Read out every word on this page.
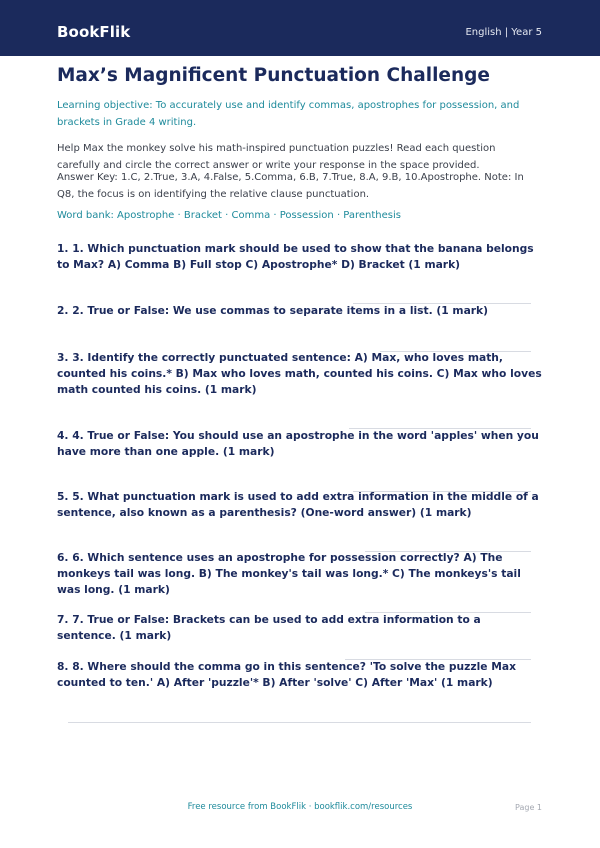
BookFlik	English | Year 5
Max’s Magnificent Punctuation Challenge

Learning objective: To accurately use and identify commas, apostrophes for possession, and brackets in Grade 4 writing.

Help Max the monkey solve his math-inspired punctuation puzzles! Read each question carefully and circle the correct answer or write your response in the space provided.

Answer Key: 1.C, 2.True, 3.A, 4.False, 5.Comma, 6.B, 7.True, 8.A, 9.B, 10.Apostrophe. Note: In Q8, the focus is on identifying the relative clause punctuation.

Word bank: Apostrophe · Bracket · Comma · Possession · Parenthesis

1. 1. Which punctuation mark should be used to show that the banana belongs to Max? A) Comma B) Full stop C) Apostrophe* D) Bracket (1 mark)

2. 2. True or False: We use commas to separate items in a list. (1 mark)

3. 3. Identify the correctly punctuated sentence: A) Max, who loves math, counted his coins.* B) Max who loves math, counted his coins. C) Max who loves math counted his coins. (1 mark)

4. 4. True or False: You should use an apostrophe in the word 'apples' when you have more than one apple. (1 mark)

5. 5. What punctuation mark is used to add extra information in the middle of a sentence, also known as a parenthesis? (One-word answer) (1 mark)

6. 6. Which sentence uses an apostrophe for possession correctly? A) The monkeys tail was long. B) The monkey's tail was long.* C) The monkeys's tail was long. (1 mark)

7. 7. True or False: Brackets can be used to add extra information to a sentence. (1 mark)

8. 8. Where should the comma go in this sentence? 'To solve the puzzle Max counted to ten.' A) After 'puzzle'* B) After 'solve' C) After 'Max' (1 mark)

Free resource from BookFlik · bookflik.com/resources	Page 1
